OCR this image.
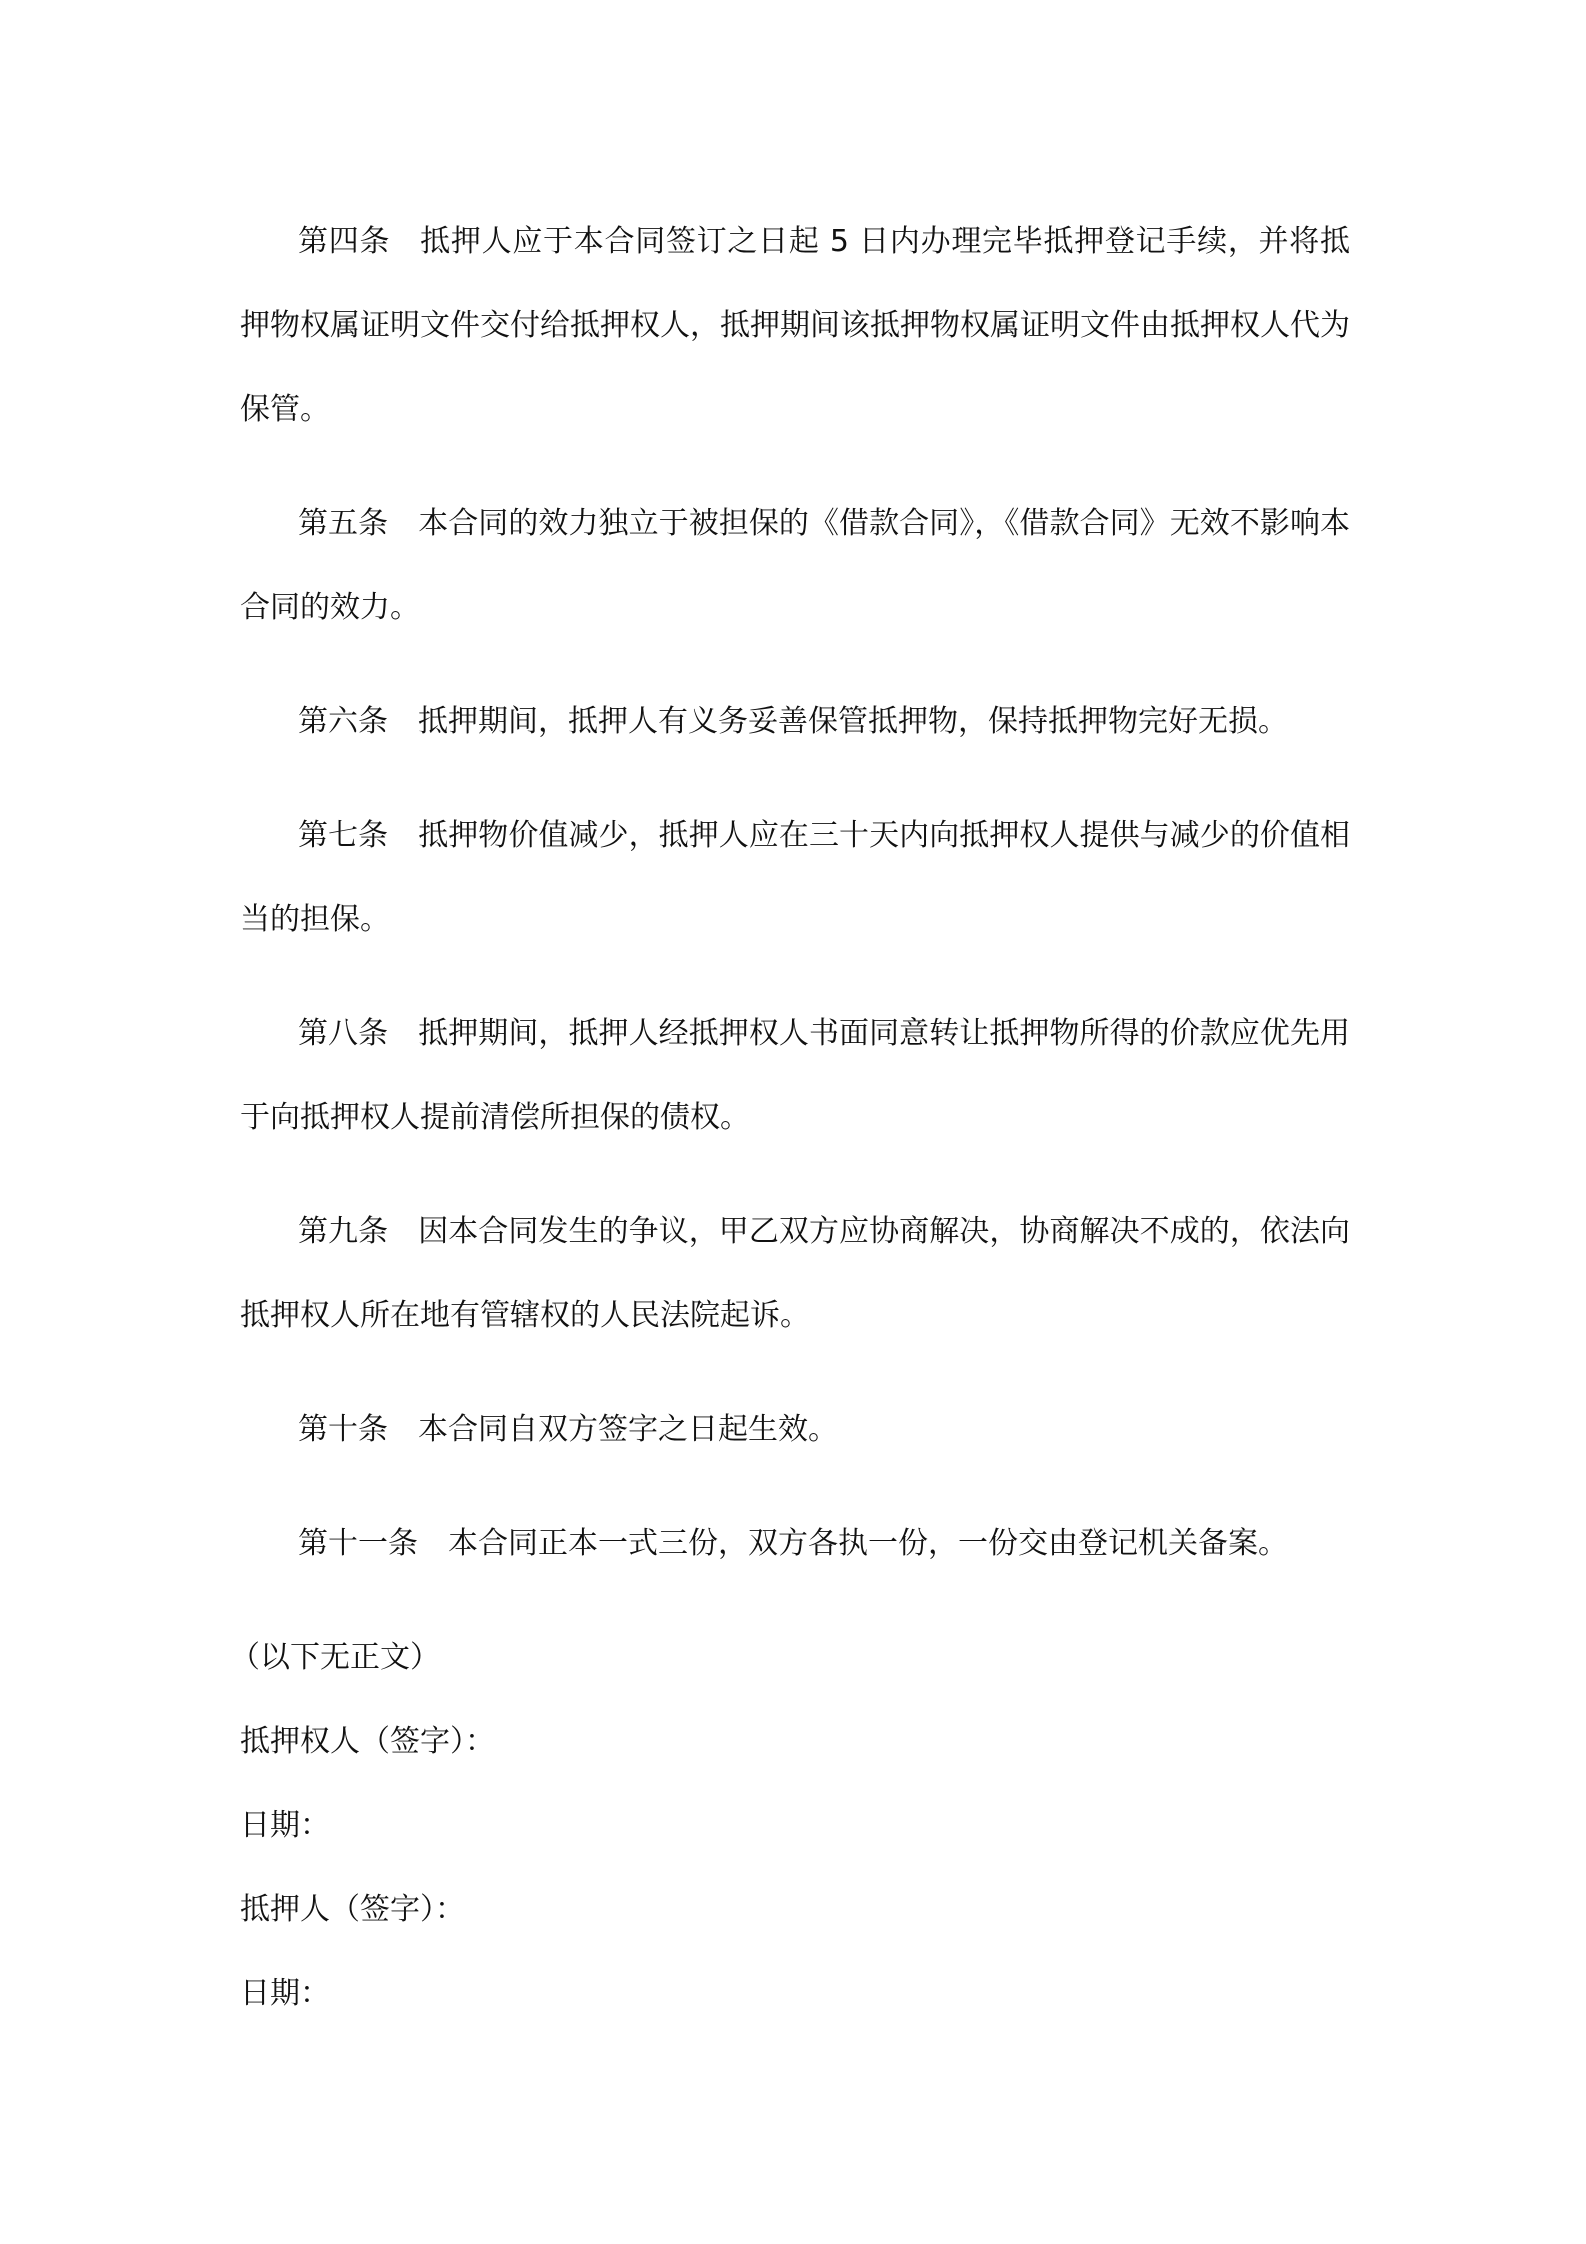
第四条 抵押人应于本合同签订之日起 5 日内办理完毕抵押登记手续，并将抵押物权属证明文件交付给抵押权人，抵押期间该抵押物权属证明文件由抵押权人代为保管。

第五条 本合同的效力独立于被担保的《借款合同》，《借款合同》无效不影响本合同的效力。

第六条 抵押期间，抵押人有义务妥善保管抵押物，保持抵押物完好无损。

第七条 抵押物价值减少，抵押人应在三十天内向抵押权人提供与减少的价值相当的担保。

第八条 抵押期间，抵押人经抵押权人书面同意转让抵押物所得的价款应优先用于向抵押权人提前清偿所担保的债权。

第九条 因本合同发生的争议，甲乙双方应协商解决，协商解决不成的，依法向抵押权人所在地有管辖权的人民法院起诉。

第十条 本合同自双方签字之日起生效。

第十一条 本合同正本一式三份，双方各执一份，一份交由登记机关备案。

（以下无正文）

抵押权人（签字）：

日期：

抵押人（签字）：

日期：
